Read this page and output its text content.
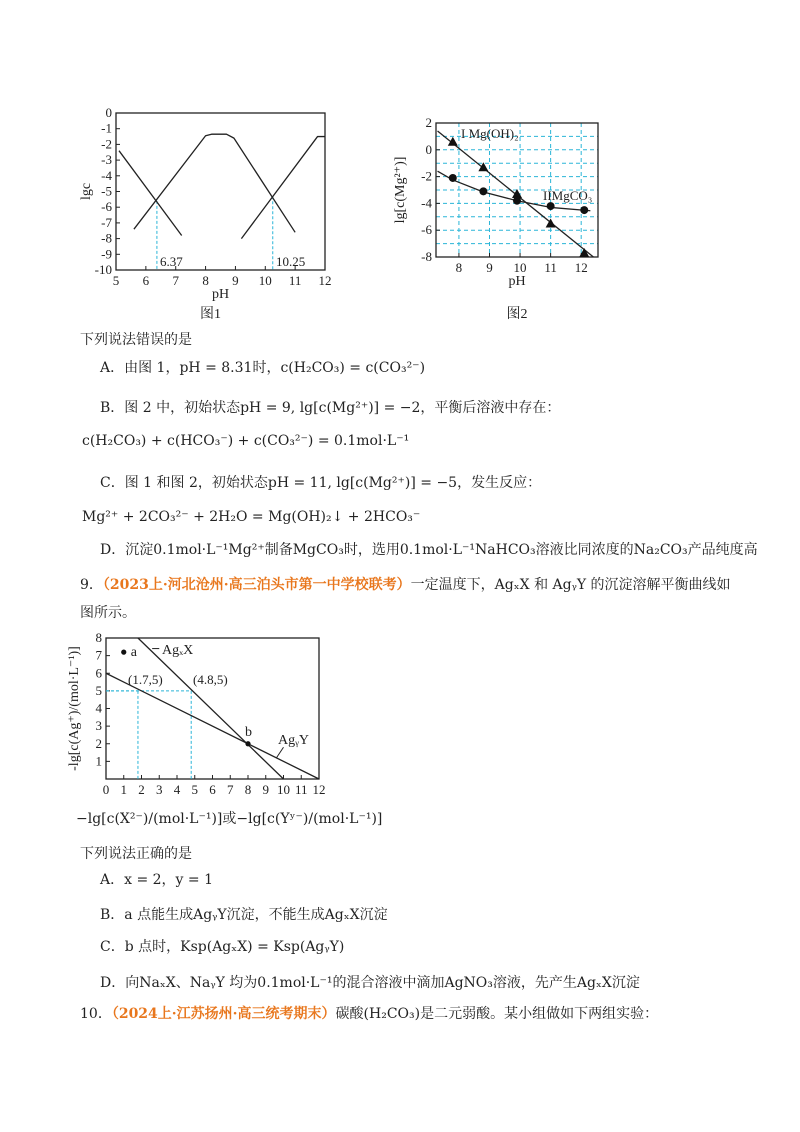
5 6 7 8 9 10 11 12
0
-1
-2
-3
-4
-5
-6
-7
-8
-9
-10
pH
lgc
图1
6.37	10.25	8 9 10 11 12
2
0
-2
-4
-6
-8
pH
lg[c(Mg²⁺)]
图2
I Mg(OH)₂
IIMgCO₃
0 1 2 3 4 5 6 7 8 9 10 11 12
1
2
3
4
5
6
7
8
-lg[c(Ag⁺)/(mol·L⁻¹)]	a
b
AgₓX
AgᵧY
(1.7,5) (4.8,5)
下列说法错误的是
A．由图 1，pH = 8.31时，c(H₂CO₃) = c(CO₃²⁻)
B．图 2 中，初始状态pH = 9, lg[c(Mg²⁺)] = −2，平衡后溶液中存在：
c(H₂CO₃) + c(HCO₃⁻) + c(CO₃²⁻) = 0.1mol·L⁻¹
C．图 1 和图 2，初始状态pH = 11, lg[c(Mg²⁺)] = −5，发生反应：
Mg²⁺ + 2CO₃²⁻ + 2H₂O = Mg(OH)₂↓ + 2HCO₃⁻
D．沉淀0.1mol·L⁻¹Mg²⁺制备MgCO₃时，选用0.1mol·L⁻¹NaHCO₃溶液比同浓度的Na₂CO₃产品纯度高
9．（2023上·河北沧州·高三泊头市第一中学校联考）一定温度下，AgₓX 和 AgᵧY 的沉淀溶解平衡曲线如
图所示。
−lg[c(X²⁻)/(mol·L⁻¹)]或−lg[c(Yʸ⁻)/(mol·L⁻¹)]
下列说法正确的是
A．x = 2，y = 1
B．a 点能生成AgᵧY沉淀，不能生成AgₓX沉淀
C．b 点时，Ksp(AgₓX) = Ksp(AgᵧY)
D．向NaₓX、NaᵧY 均为0.1mol·L⁻¹的混合溶液中滴加AgNO₃溶液，先产生AgₓX沉淀
10．（2024上·江苏扬州·高三统考期末）碳酸(H₂CO₃)是二元弱酸。某小组做如下两组实验：
